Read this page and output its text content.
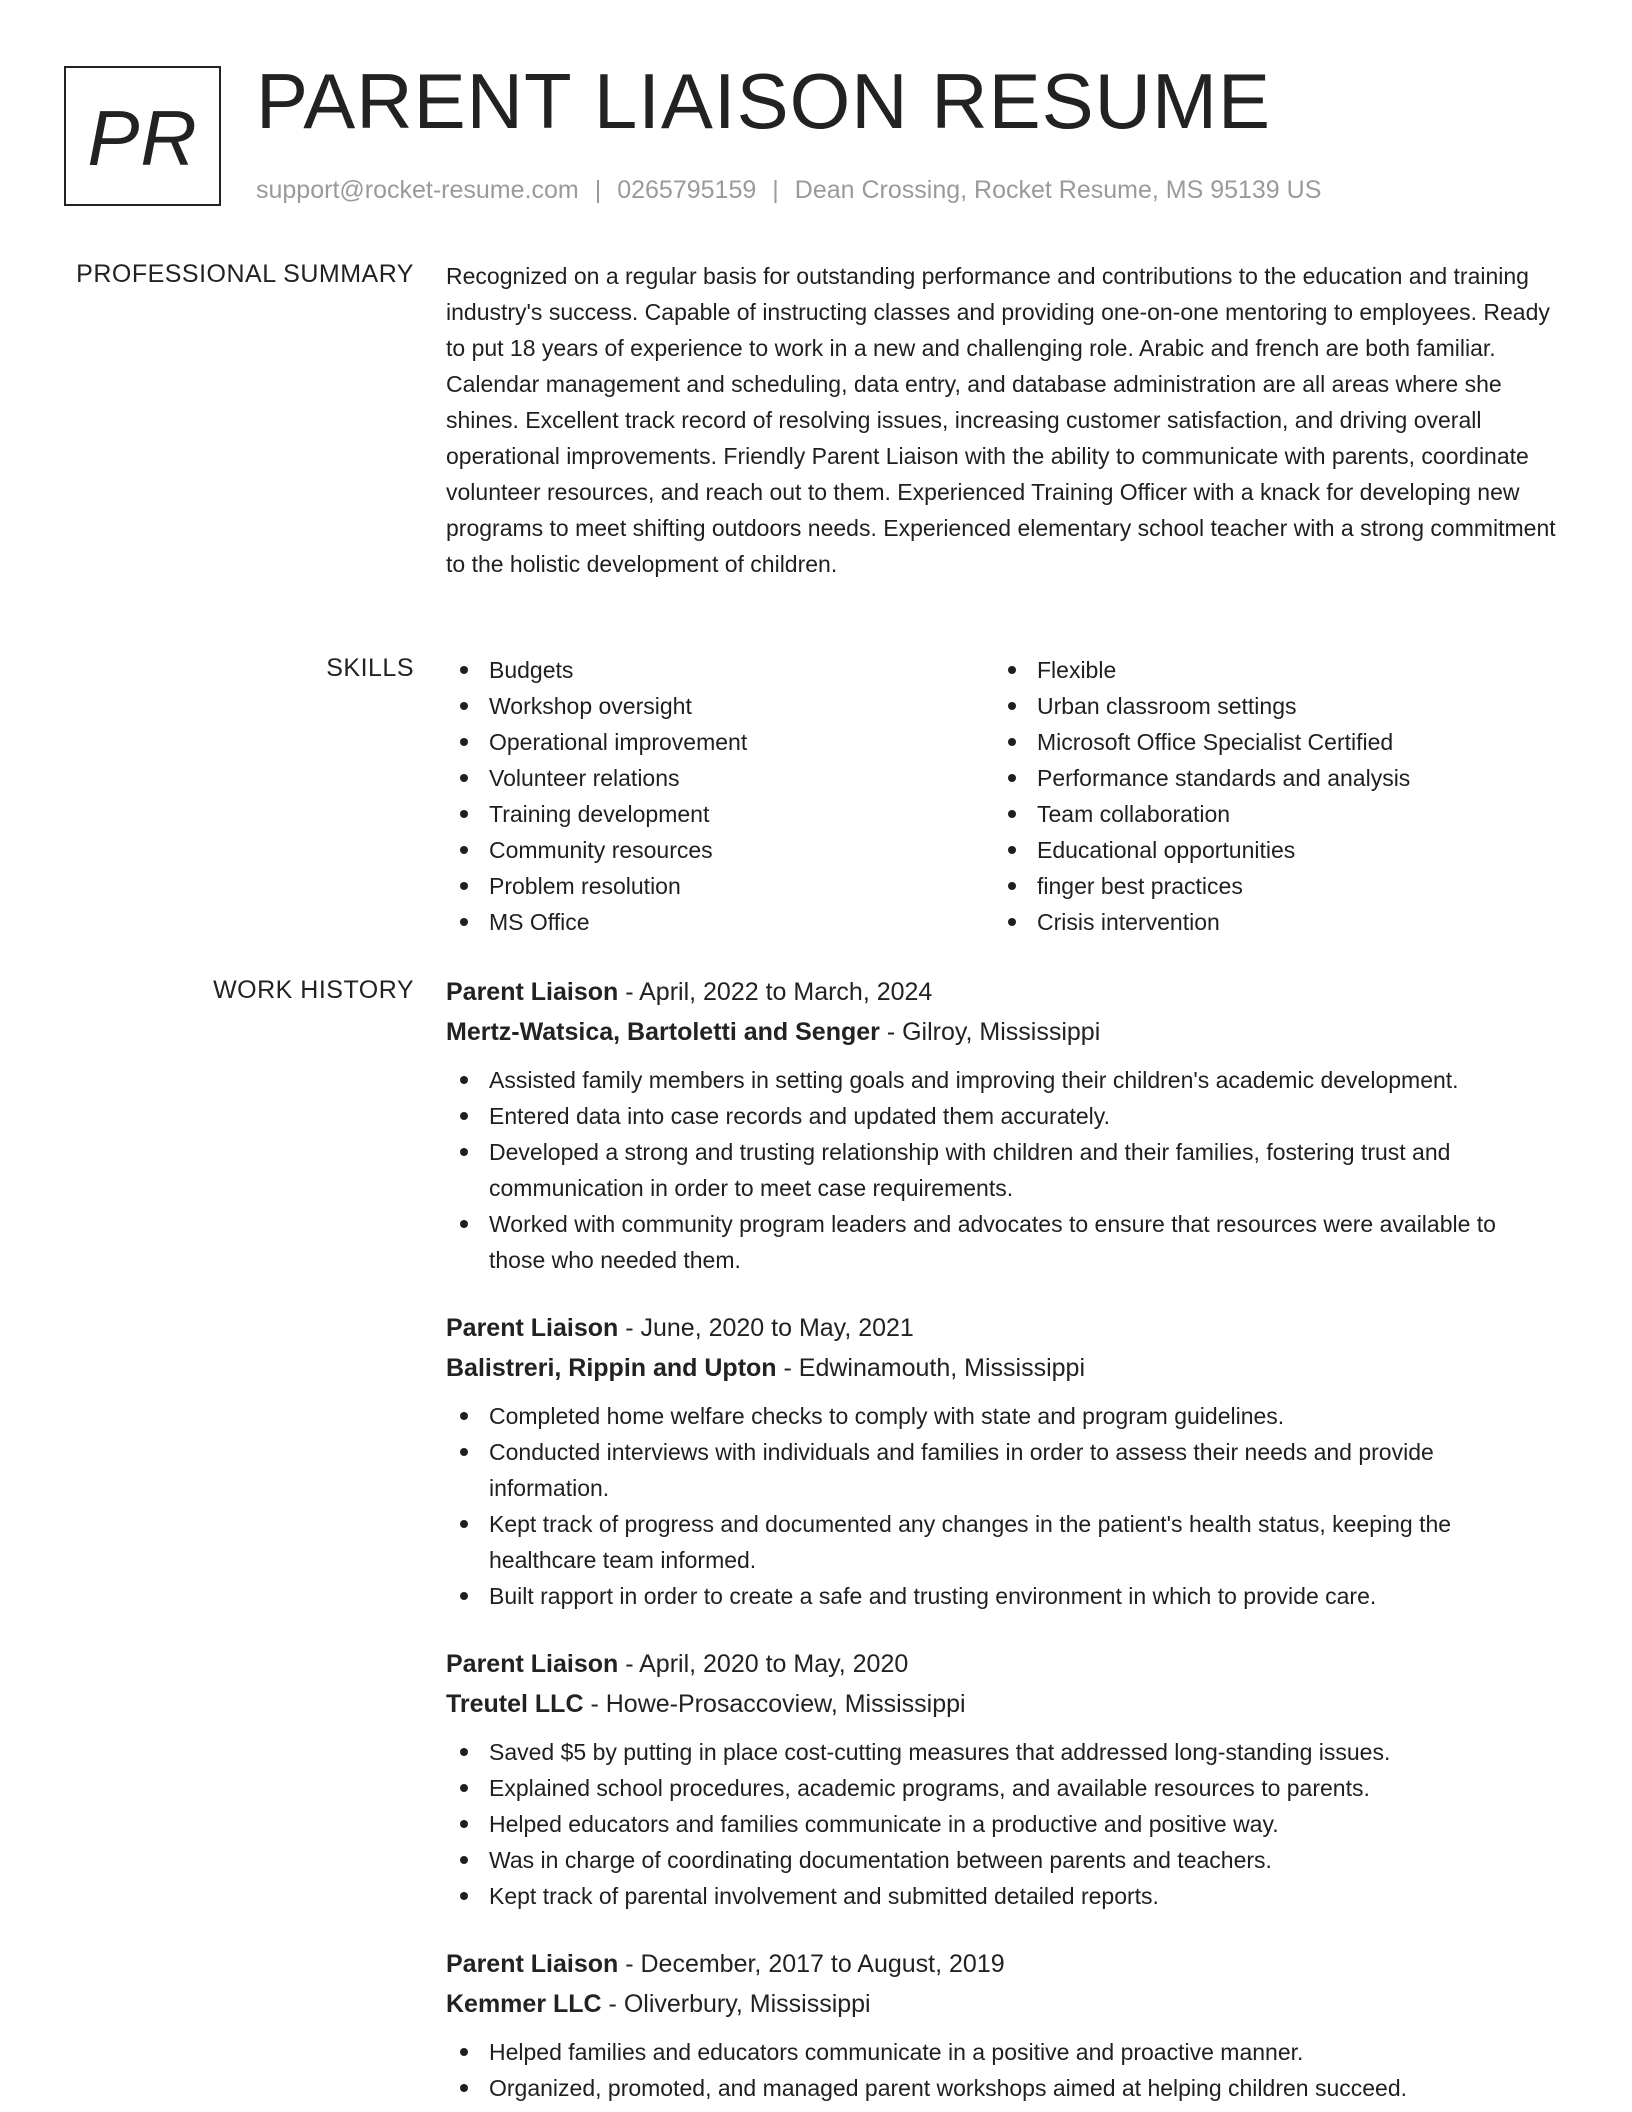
PR PARENT LIAISON RESUME
support@rocket-resume.com | 0265795159 | Dean Crossing, Rocket Resume, MS 95139 US
PROFESSIONAL SUMMARY Recognized on a regular basis for outstanding performance and contributions to the education and training industry's success. Capable of instructing classes and providing one-on-one mentoring to employees. Ready to put 18 years of experience to work in a new and challenging role. Arabic and french are both familiar. Calendar management and scheduling, data entry, and database administration are all areas where she shines. Excellent track record of resolving issues, increasing customer satisfaction, and driving overall operational improvements. Friendly Parent Liaison with the ability to communicate with parents, coordinate volunteer resources, and reach out to them. Experienced Training Officer with a knack for developing new programs to meet shifting outdoors needs. Experienced elementary school teacher with a strong commitment to the holistic development of children.

SKILLS	Budgets
Workshop oversight
Operational improvement
Volunteer relations
Training development
Community resources
Problem resolution
MS Office
Flexible
Urban classroom settings
Microsoft Office Specialist Certified
Performance standards and analysis
Team collaboration
Educational opportunities
finger best practices
Crisis intervention
WORK HISTORY Parent Liaison - April, 2022 to March, 2024
Mertz-Watsica, Bartoletti and Senger - Gilroy, Mississippi
Assisted family members in setting goals and improving their children's academic development.
Entered data into case records and updated them accurately.
Developed a strong and trusting relationship with children and their families, fostering trust and communication in order to meet case requirements.
Worked with community program leaders and advocates to ensure that resources were available to those who needed them.
Parent Liaison - June, 2020 to May, 2021
Balistreri, Rippin and Upton - Edwinamouth, Mississippi
Completed home welfare checks to comply with state and program guidelines.
Conducted interviews with individuals and families in order to assess their needs and provide information.
Kept track of progress and documented any changes in the patient's health status, keeping the healthcare team informed.
Built rapport in order to create a safe and trusting environment in which to provide care.
Parent Liaison - April, 2020 to May, 2020
Treutel LLC - Howe-Prosaccoview, Mississippi
Saved $5 by putting in place cost-cutting measures that addressed long-standing issues.
Explained school procedures, academic programs, and available resources to parents.
Helped educators and families communicate in a productive and positive way.
Was in charge of coordinating documentation between parents and teachers.
Kept track of parental involvement and submitted detailed reports.
Parent Liaison - December, 2017 to August, 2019
Kemmer LLC - Oliverbury, Mississippi
Helped families and educators communicate in a positive and proactive manner.
Organized, promoted, and managed parent workshops aimed at helping children succeed.
